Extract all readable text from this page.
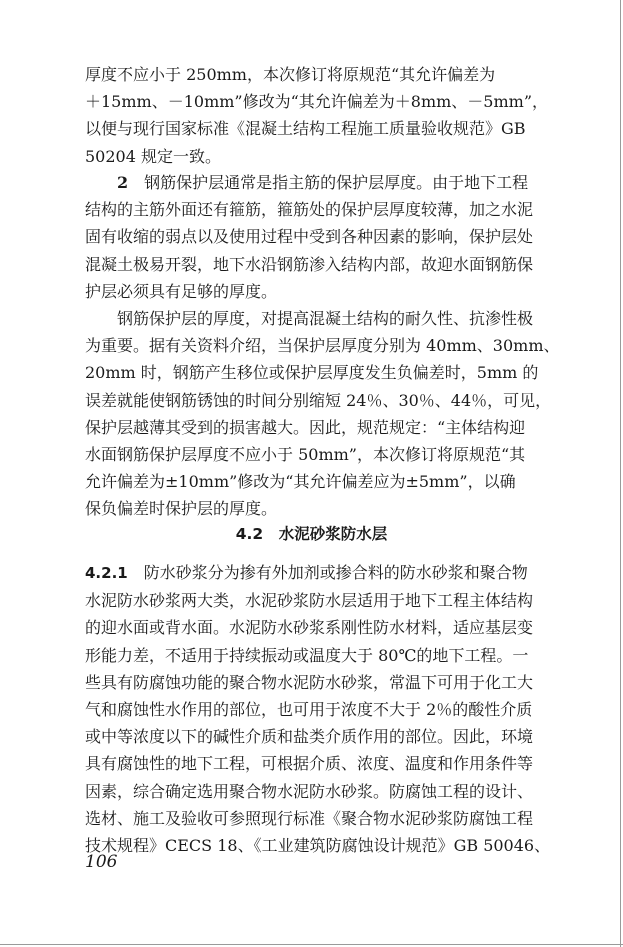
厚度不应小于 250mm，本次修订将原规范“其允许偏差为
＋15mm、－10mm”修改为“其允许偏差为＋8mm、－5mm”，
以便与现行国家标准《混凝土结构工程施工质量验收规范》GB
50204 规定一致。

2　 钢筋保护层通常是指主筋的保护层厚度。由于地下工程
结构的主筋外面还有箍筋，箍筋处的保护层厚度较薄，加之水泥
固有收缩的弱点以及使用过程中受到各种因素的影响，保护层处
混凝土极易开裂，地下水沿钢筋渗入结构内部，故迎水面钢筋保
护层必须具有足够的厚度。

钢筋保护层的厚度，对提高混凝土结构的耐久性、抗渗性极
为重要。据有关资料介绍，当保护层厚度分别为 40mm、30mm、
20mm 时，钢筋产生移位或保护层厚度发生负偏差时，5mm 的
误差就能使钢筋锈蚀的时间分别缩短 24％、30％、44％，可见，
保护层越薄其受到的损害越大。因此，规范规定：“主体结构迎
水面钢筋保护层厚度不应小于 50mm”，本次修订将原规范“其
允许偏差为±10mm”修改为“其允许偏差应为±5mm”，以确
保负偏差时保护层的厚度。

4.2　 水泥砂浆防水层

4.2.1　 防水砂浆分为掺有外加剂或掺合料的防水砂浆和聚合物
水泥防水砂浆两大类，水泥砂浆防水层适用于地下工程主体结构
的迎水面或背水面。水泥防水砂浆系刚性防水材料，适应基层变
形能力差，不适用于持续振动或温度大于 80℃的地下工程。一
些具有防腐蚀功能的聚合物水泥防水砂浆，常温下可用于化工大
气和腐蚀性水作用的部位，也可用于浓度不大于 2％的酸性介质
或中等浓度以下的碱性介质和盐类介质作用的部位。因此，环境
具有腐蚀性的地下工程，可根据介质、浓度、温度和作用条件等
因素，综合确定选用聚合物水泥防水砂浆。防腐蚀工程的设计、
选材、施工及验收可参照现行标准《聚合物水泥砂浆防腐蚀工程
技术规程》CECS 18、《工业建筑防腐蚀设计规范》GB 50046、

106
